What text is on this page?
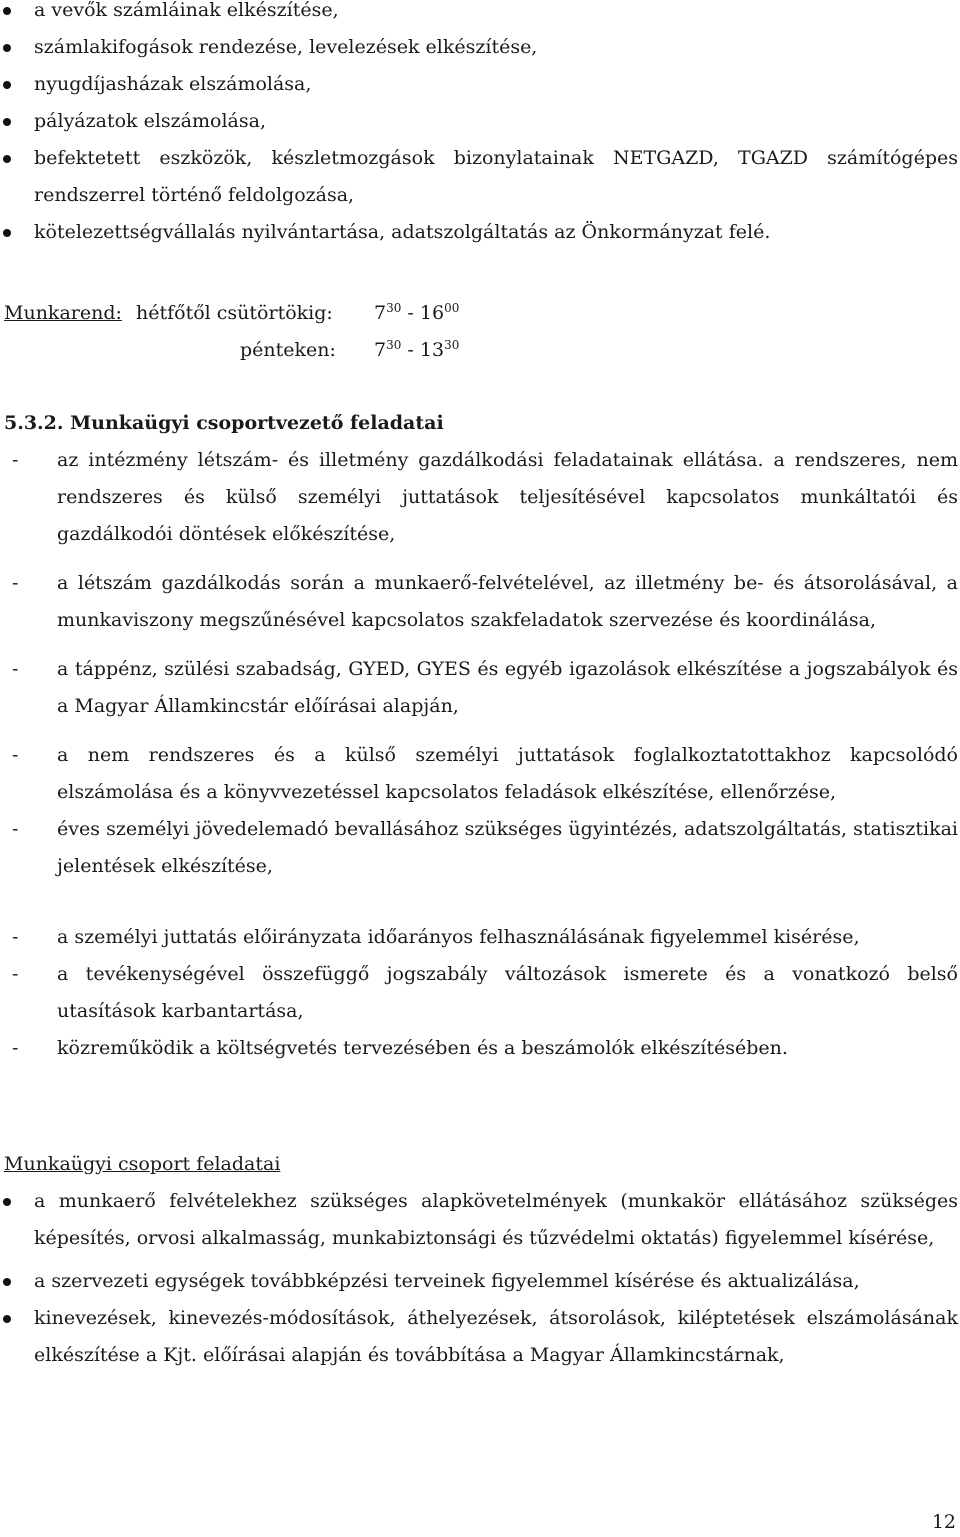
a vevők számláinak elkészítése,
számlakifogások rendezése, levelezések elkészítése,
nyugdíjasházak elszámolása,
pályázatok elszámolása,
befektetett eszközök, készletmozgások bizonylatainak NETGAZD, TGAZD számítógépes rendszerrel történő feldolgozása,
kötelezettségvállalás nyilvántartása, adatszolgáltatás az Önkormányzat felé.
Munkarend: hétfőtől csütörtökig: $7^{30} - 16^{00}$
pénteken: $7^{30} - 13^{30}$
5.3.2. Munkaügyi csoportvezető feladatai
- az intézmény létszám- és illetmény gazdálkodási feladatainak ellátása. a rendszeres, nem rendszeres és külső személyi juttatások teljesítésével kapcsolatos munkáltatói és gazdálkodói döntések előkészítése,
- a létszám gazdálkodás során a munkaerő-felvételével, az illetmény be- és átsorolásával, a munkaviszony megszűnésével kapcsolatos szakfeladatok szervezése és koordinálása,
- a táppénz, szülési szabadság, GYED, GYES és egyéb igazolások elkészítése a jogszabályok és a Magyar Államkincstár előírásai alapján,
- a nem rendszeres és a külső személyi juttatások foglalkoztatottakhoz kapcsolódó elszámolása és a könyvvezetéssel kapcsolatos feladások elkészítése, ellenőrzése,
- éves személyi jövedelemadó bevallásához szükséges ügyintézés, adatszolgáltatás, statisztikai jelentések elkészítése,
- a személyi juttatás előirányzata időarányos felhasználásának figyelemmel kisérése,
- a tevékenységével összefüggő jogszabály változások ismerete és a vonatkozó belső utasítások karbantartása,
- közreműködik a költségvetés tervezésében és a beszámolók elkészítésében.
Munkaügyi csoport feladatai
a munkaerő felvételekhez szükséges alapkövetelmények (munkakör ellátásához szükséges képesítés, orvosi alkalmasság, munkabiztonsági és tűzvédelmi oktatás) figyelemmel kísérése,
a szervezeti egységek továbbképzési terveinek figyelemmel kísérése és aktualizálása,
kinevezések, kinevezés-módosítások, áthelyezések, átsorolások, kiléptetések elszámolásának elkészítése a Kjt. előírásai alapján és továbbítása a Magyar Államkincstárnak,
12
